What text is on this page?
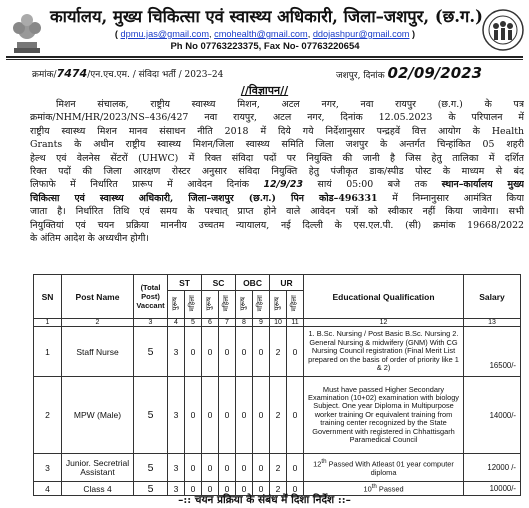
कार्यालय, मुख्य चिकित्सा एवं स्वास्थ्य अधिकारी, जिला–जशपुर, (छ.ग.)
( dpmu.jas@gmail.com, cmohealth@gmail.com, ddojashpur@gmail.com )
Ph No 07763223375, Fax No- 07763220654
क्रमांक/7474/एन.एच.एम. / संविदा भर्ती / 2023–24	जशपुर, दिनांक 02/09/2023
//विज्ञापन//
मिशन संचालक, राष्ट्रीय स्वास्थ्य मिशन, अटल नगर, नवा रायपुर (छ.ग.) के पत्र
क्रमांक/NHM/HR/2023/NS–436/427 नवा रायपुर, अटल नगर, दिनांक 12.05.2023 के परिपालन में
राष्ट्रीय स्वास्थ्य मिशन मानव संसाधन नीति 2018 में दिये गये निर्देशानुसार पन्द्रहवें वित्त आयोग के Health
Grants के अधीन राष्ट्रीय स्वास्थ्य मिशन/जिला स्वास्थ्य समिति जिला जशपुर के अन्तर्गत चिन्हांकित 05 शहरी
हेल्थ एवं वेलनेस सेंटरों (UHWC) में रिक्त संविदा पदों पर नियुक्ति की जानी है जिस हेतु तालिका में दर्शित
रिक्त पदों की जिला आरक्षण रोस्टर अनुसार संविदा नियुक्ति हेतु पंजीकृत डाक/स्पीड पोस्ट के माध्यम से बंद
लिफाफे में निर्धारित प्रारूप में आवेदन दिनांक 12/9/23 सायं 05:00 बजे तक स्थान–कार्यालय मुख्य
चिकित्सा एवं स्वास्थ्य अधिकारी, जिला–जशपुर (छ.ग.) पिन कोड–496331 में निम्नानुसार आमंत्रित किया
जाता है। निर्धारित तिथि एवं समय के पश्चात् प्राप्त होने वाले आवेदन पत्रों को स्वीकार नहीं किया जावेगा। सभी
नियुक्तियां एवं चयन प्रक्रिया माननीय उच्चतम न्यायालय, नई दिल्ली के एस.एल.पी. (सी) क्रमांक 19668/2022
के अंतिम आदेश के अध्यधीन होगी।
SN	Post Name	(Total Post) Vaccant	ST		SC		OBC		UR		Educational Qualification	Salary
			पुरूष	महिला	पुरूष	महिला	पुरूष	महिला	पुरूष	महिला		
1	2	3	4	5	6	7	8	9	10	11	12	13
1	Staff Nurse	5	3	0	0	0	0	0	2	0	1. B.Sc. Nursing / Post Basic B.Sc. Nursing 2. General Nursing & midwifery (GNM) With CG Nursing Council registration (Final Merit List prepared on the basis of order of priority like 1 & 2)	16500/-
2	MPW (Male)	5	3	0	0	0	0	0	2	0	Must have passed Higher Secondary Examination (10+02) examination with biology Subject. One year Diploma in Multipurpose worker training Or equivalent training from training center recognized by the State Government with registered in Chhattisgarh Paramedical Council	14000/-
3	Junior. Secretrial Assistant	5	3	0	0	0	0	0	2	0	12th Passed With Atleast 01 year computer diploma	12000 /-
4	Class 4	5	3	0	0	0	0	0	2	0	10th Passed	10000/-
–:: चयन प्रक्रिया के संबंध में दिशा निर्देश ::–
